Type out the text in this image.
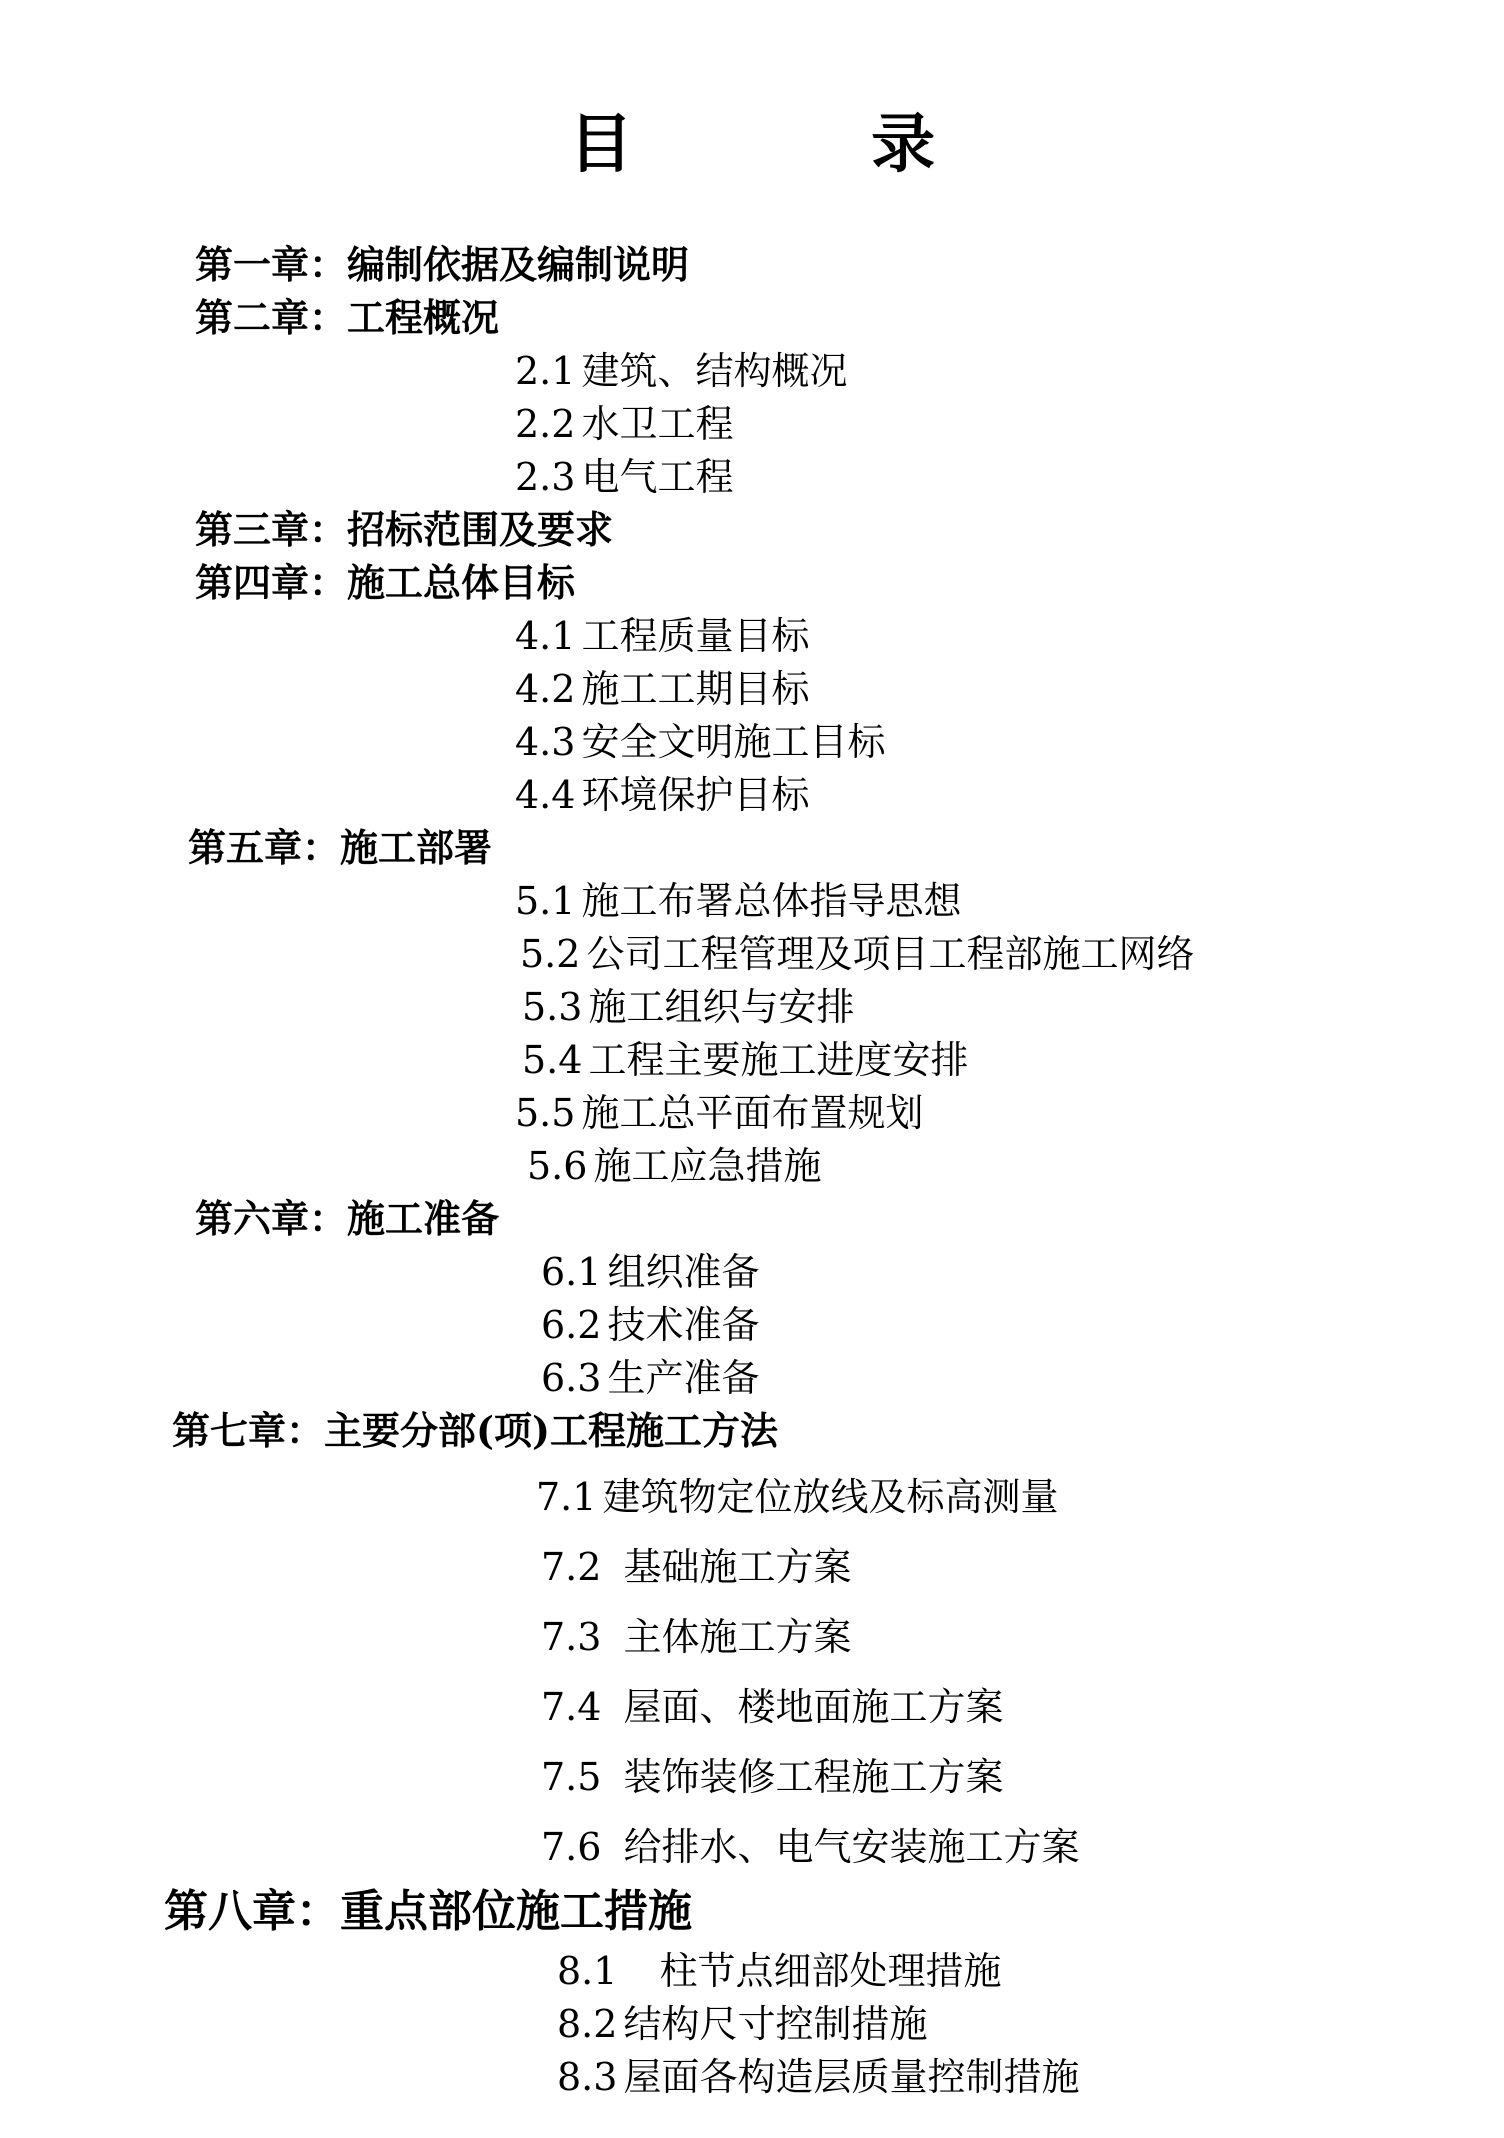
目 录
第一章：编制依据及编制说明
第二章：工程概况
2.1 建筑、结构概况
2.2 水卫工程
2.3 电气工程
第三章：招标范围及要求
第四章：施工总体目标
4.1 工程质量目标
4.2 施工工期目标
4.3 安全文明施工目标
4.4 环境保护目标
第五章：施工部署
5.1 施工布署总体指导思想
5.2 公司工程管理及项目工程部施工网络
5.3 施工组织与安排
5.4 工程主要施工进度安排
5.5 施工总平面布置规划
5.6 施工应急措施
第六章：施工准备
6.1 组织准备
6.2 技术准备
6.3 生产准备
第七章：主要分部(项)工程施工方法
7.1 建筑物定位放线及标高测量
7.2 基础施工方案
7.3 主体施工方案
7.4 屋面、楼地面施工方案
7.5 装饰装修工程施工方案
7.6 给排水、电气安装施工方案
第八章：重点部位施工措施
8.1 柱节点细部处理措施
8.2 结构尺寸控制措施
8.3 屋面各构造层质量控制措施
